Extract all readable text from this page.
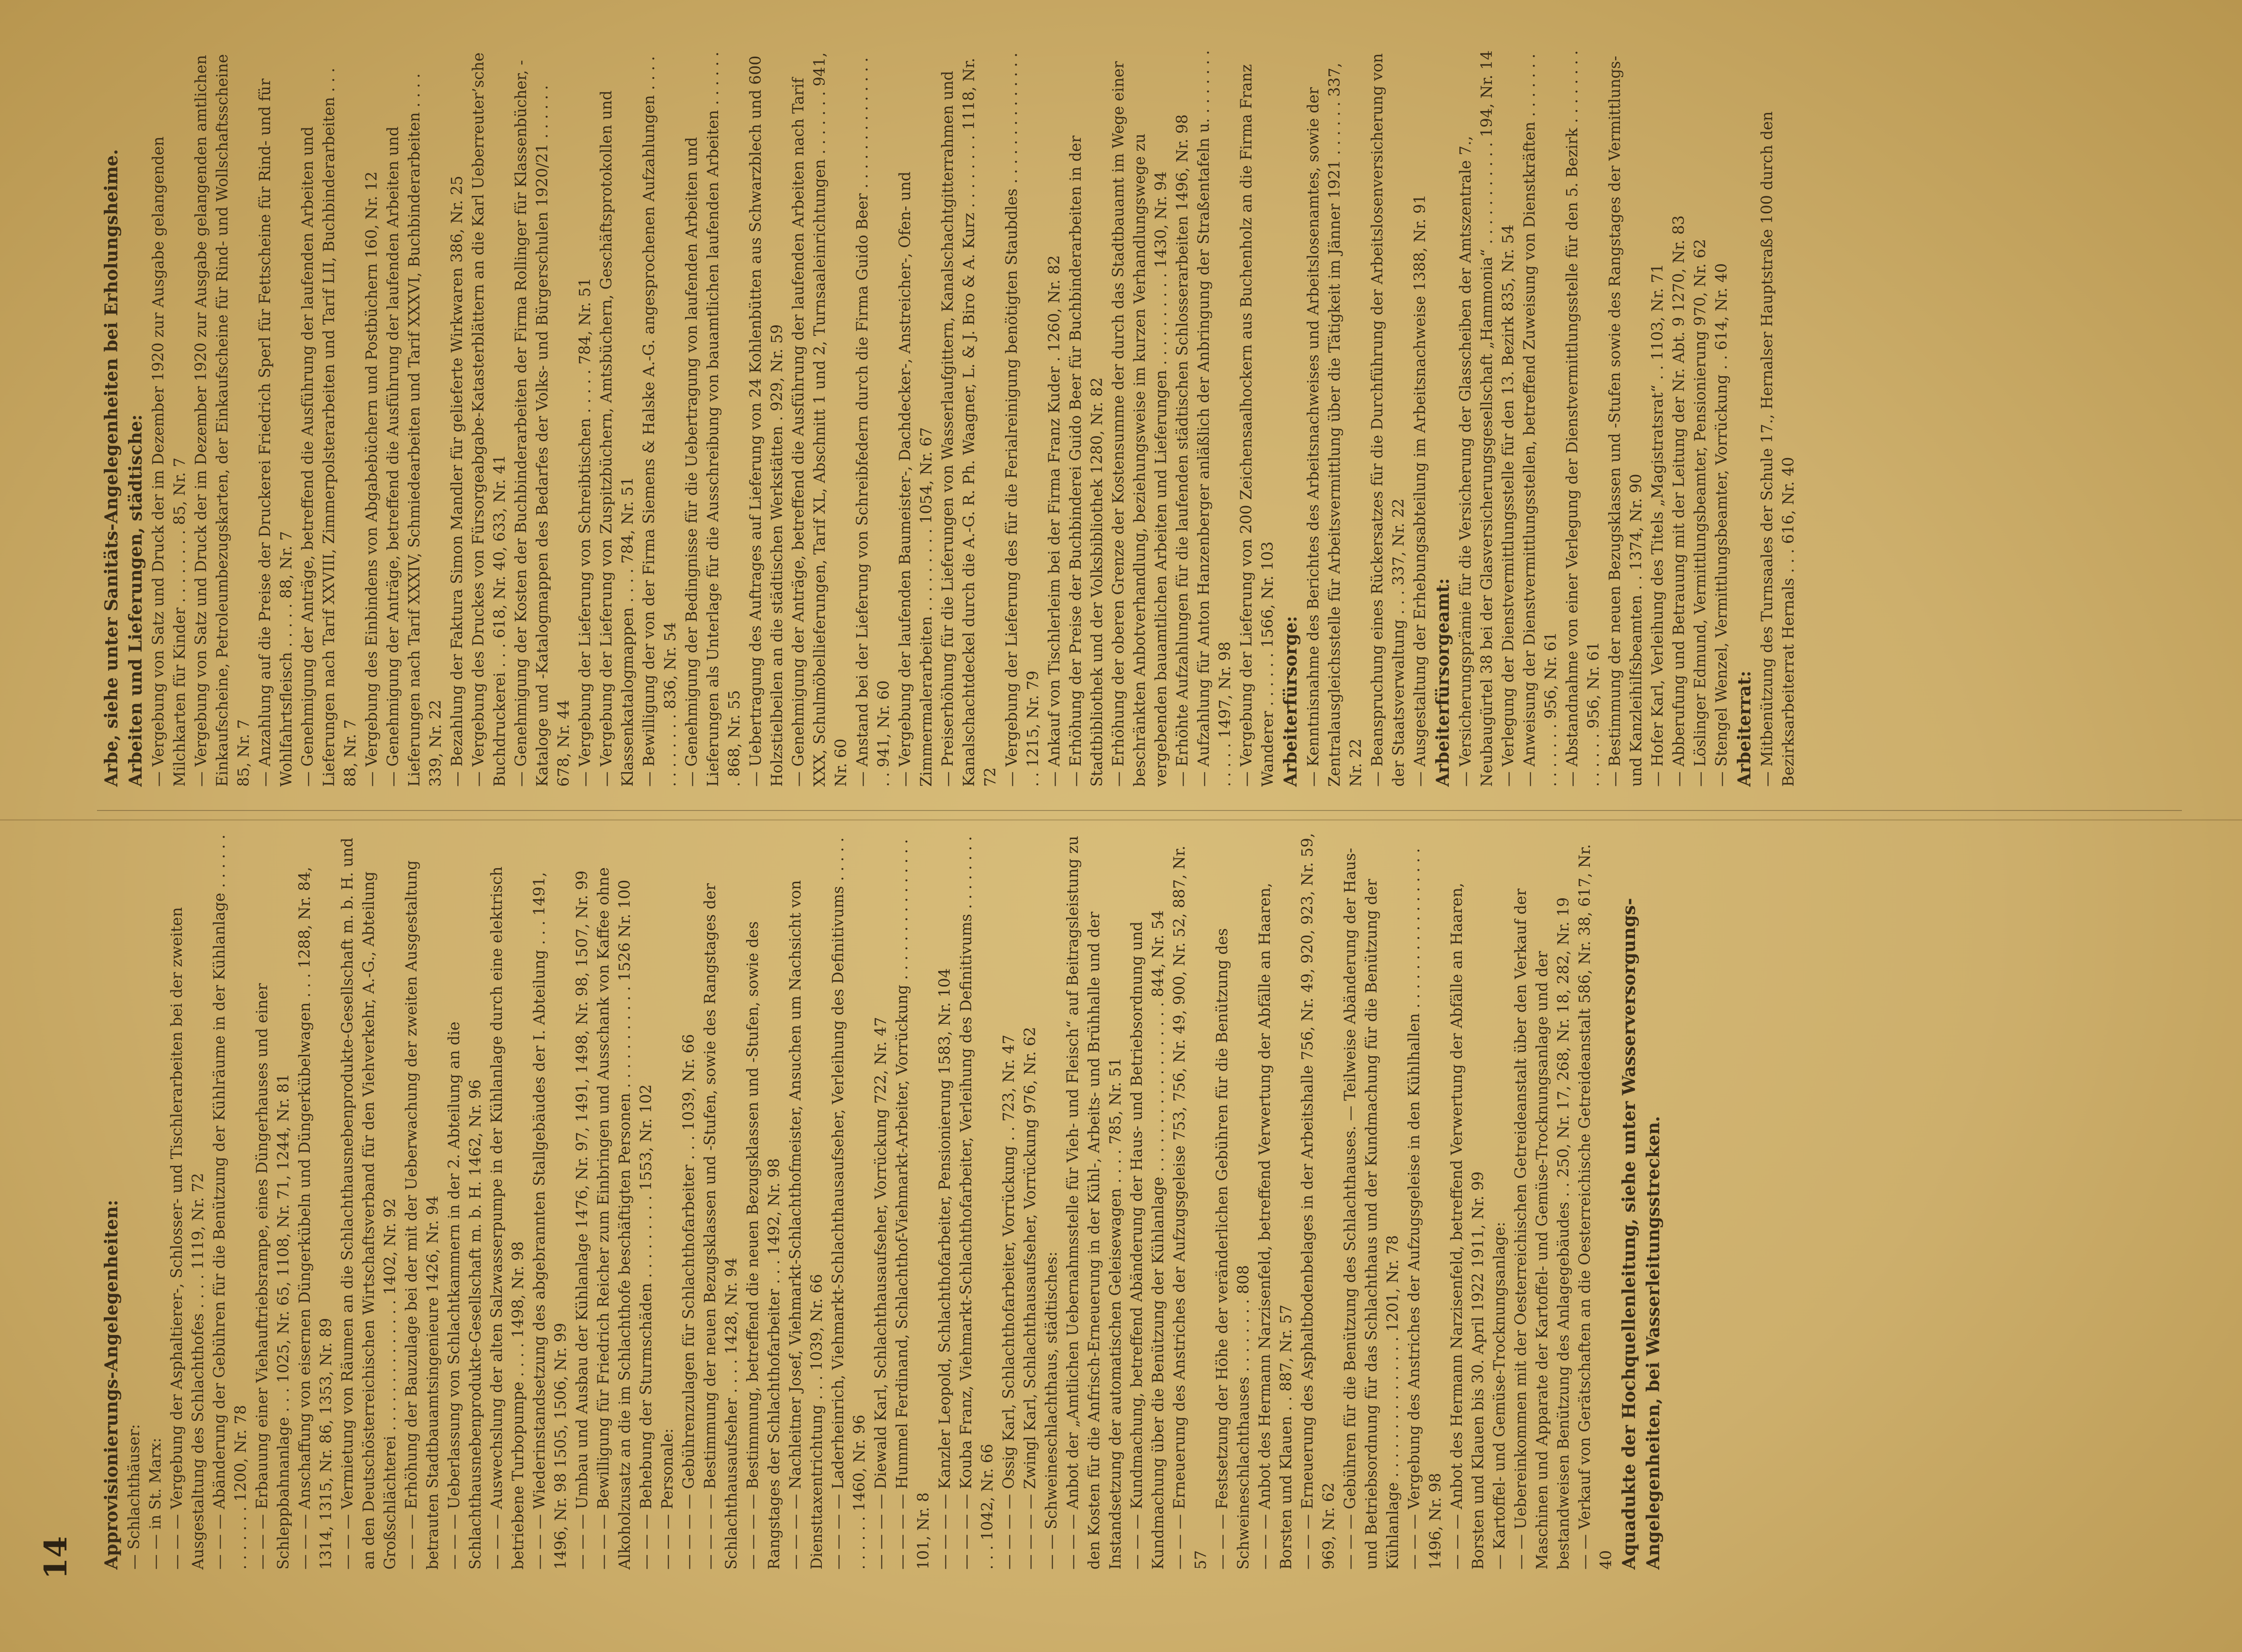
14 Approvisionierungs-Angelegenheiten: — Schlachthäuser: — — in St. Marx: — — — Vergebung der Asphaltierer-, Schlosser- und Tischlerarbeiten bei der zweiten Ausgestaltung des Schlachthofes . . . . 1119, Nr. 72 — — — Abänderung der Gebühren für die Benützung der Kühlräume in der Kühlanlage . . . . . . . . . . . . . 1200, Nr. 78 — — — Erbauung einer Viehauftriebsrampe, eines Düngerhauses und einer Schleppbahnanlage . . . 1025, Nr. 65, 1108, Nr. 71, 1244, Nr. 81 — — — Anschaffung von eisernen Düngerkübeln und Düngerkübelwagen . . . 1288, Nr. 84, 1314, 1315, Nr. 86, 1353, Nr. 89 — — — Vermietung von Räumen an die Schlachthausnebenprodukte-Gesellschaft m. b. H. und an den Deutschösterreichischen Wirtschaftsverband für den Viehverkehr, A.-G., Abteilung Großschlächterei . . . . . . . . . . . . . . 1402, Nr. 92 — — — Erhöhung der Bauzulage bei der mit der Ueberwachung der zweiten Ausgestaltung betrauten Stadtbauamtsingenieure 1426, Nr. 94 — — — Ueberlassung von Schlachtkammern in der 2. Abteilung an die Schlachthausnebenprodukte-Gesellschaft m. b. H. 1462, Nr. 96 — — — Auswechslung der alten Salzwasserpumpe in der Kühlanlage durch eine elektrisch betriebene Turbopumpe . . . . 1498, Nr. 98 — — — Wiederinstandsetzung des abgebrannten Stallgebäudes der I. Abteilung . . . 1491, 1496, Nr. 98 1505, 1506, Nr. 99 — — — Umbau und Ausbau der Kühlanlage 1476, Nr. 97, 1491, 1498, Nr. 98, 1507, Nr. 99 — — — Bewilligung für Friedrich Reicher zum Einbringen und Ausschank von Kaffee ohne Alkoholzusatz an die im Schlachthofe beschäftigten Personen . . . . . . . . . . . 1526 Nr. 100 — — — Behebung der Sturmschäden . . . . . . . . . 1553, Nr. 102 — — — Personale: — — — — Gebührenzulagen für Schlachthofarbeiter . . . 1039, Nr. 66 — — — — Bestimmung der neuen Bezugsklassen und -Stufen, sowie des Rangstages der Schlachthausaufseher . . . . 1428, Nr. 94 — — — — Bestimmung, betreffend die neuen Bezugsklassen und -Stufen, sowie des Rangstages der Schlachthofarbeiter . . . 1492, Nr. 98 — — — — Nachleitner Josef, Viehmarkt-Schlachthofmeister, Ansuchen um Nachsicht von Diensttaxentrichtung . . . 1039, Nr. 66 — — — — Laderheinrich, Viehmarkt-Schlachthausaufseher, Verleihung des Definitivums . . . . . . . . . . . 1460, Nr. 96 — — — — Diewald Karl, Schlachthausaufseher, Vorrückung 722, Nr. 47 — — — — Hummel Ferdinand, Schlachthof-Viehmarkt-Arbeiter, Vorrückung . . . . . . . . . . . . . . . 101, Nr. 8 — — — — Kanzler Leopold, Schlachthofarbeiter, Pensionierung 1583, Nr. 104 — — — — Kouba Franz, Viehmarkt-Schlachthofarbeiter, Verleihung des Definitivums . . . . . . . . . . . 1042, Nr. 66 — — — — Ossig Karl, Schlachthofarbeiter, Vorrückung . . 723, Nr. 47 — — — — Zwingl Karl, Schlachthausaufseher, Vorrückung 976, Nr. 62 — — Schweineschlachthaus, städtisches: — — — Anbot der „Amtlichen Uebernahmsstelle für Vieh- und Fleisch“ auf Beitragsleistung zu den Kosten für die Anfrisch-Erneuerung in der Kühl-, Arbeits- und Brühhalle und der Instandsetzung der automatischen Geleisewagen . . . . 785, Nr. 51 — — — Kundmachung, betreffend Abänderung der Haus- und Betriebsordnung und Kundmachung über die Benützung der Kühlanlage . . . . . . . . . . . . . . . . . . 844, Nr. 54 — — — Erneuerung des Anstriches der Aufzugsgeleise 753, 756, Nr. 49, 900, Nr. 52, 887, Nr. 57 — — — Festsetzung der Höhe der veränderlichen Gebühren für die Benützung des Schweineschlachthauses . . . . . . . . 808 — — — Anbot des Hermann Narzisenfeld, betreffend Verwertung der Abfälle an Haaren, Borsten und Klauen . . 887, Nr. 57 — — — Erneuerung des Asphaltbodenbelages in der Arbeitshalle 756, Nr. 49, 920, 923, Nr. 59, 969, Nr. 62 — — — Gebühren für die Benützung des Schlachthauses. — Teilweise Abänderung der Haus- und Betriebsordnung für das Schlachthaus und der Kundmachung für die Benützung der Kühlanlage . . . . . . . . . . . . . . . 1201, Nr. 78 — — — Vergebung des Anstriches der Aufzugsgeleise in den Kühlhallen . . . . . . . . . . . . . . . . . 1496, Nr. 98 — — — Anbot des Hermann Narzisenfeld, betreffend Verwertung der Abfälle an Haaren, Borsten und Klauen bis 30. April 1922 1911, Nr. 99 — Kartoffel- und Gemüse-Trocknungsanlage: — — Uebereinkommen mit der Oesterreichischen Getreideanstalt über den Verkauf der Maschinen und Apparate der Kartoffel- und Gemüse-Trocknungsanlage und der bestandweisen Benützung des Anlagegebäudes . . 250, Nr. 17, 268, Nr. 18, 282, Nr. 19 — — Verkauf von Gerätschaften an die Oesterreichische Getreideanstalt 586, Nr. 38, 617, Nr. 40 Aquadukte der Hochquellenleitung, siehe unter Wasserversorgungs-Angelegenheiten, bei Wasserleitungsstrecken.

Arbe, siehe unter Sanitäts-Angelegenheiten bei Erholungsheime. Arbeiten und Lieferungen, städtische: — Vergebung von Satz und Druck der im Dezember 1920 zur Ausgabe gelangenden Milchkarten für Kinder . . . . . . . . 85, Nr. 7 — Vergebung von Satz und Druck der im Dezember 1920 zur Ausgabe gelangenden amtlichen Einkaufscheine, Petroleumbezugskarten, der Einkaufscheine für Rind- und Wollschaftsscheine 85, Nr. 7 — Anzahlung auf die Preise der Druckerei Friedrich Sperl für Fettscheine für Rind- und für Wohlfahrtsfleisch . . . . . 88, Nr. 7 — Genehmigung der Anträge, betreffend die Ausführung der laufenden Arbeiten und Lieferungen nach Tarif XXVIII, Zimmerpolsterarbeiten und Tarif LII, Buchbinderarbeiten . . . 88, Nr. 7 — Vergebung des Einbindens von Abgabebüchern und Postbüchern 160, Nr. 12 — Genehmigung der Anträge, betreffend die Ausführung der laufenden Arbeiten und Lieferungen nach Tarif XXXIV, Schmiedearbeiten und Tarif XXXVI, Buchbinderarbeiten . . . . 339, Nr. 22 — Bezahlung der Faktura Simon Mandler für gelieferte Wirkwaren 386, Nr. 25 — Vergebung des Druckes von Fürsorgeabgabe-Katasterblättern an die Karl Ueberreuter’sche Buchdruckerei . . . 618, Nr. 40, 633, Nr. 41 — Genehmigung der Kosten der Buchbinderarbeiten der Firma Rollinger für Klassenbücher, -Kataloge und -Katalogmappen des Bedarfes der Volks- und Bürgerschulen 1920/21 . . . . . . 678, Nr. 44 — Vergebung der Lieferung von Schreibtischen . . . . . 784, Nr. 51 — Vergebung der Lieferung von Zuspitzbüchern, Amtsbüchern, Geschäftsprotokollen und Klassenkatalogmappen . . . . 784, Nr. 51 — Bewilligung der von der Firma Siemens & Halske A.-G. angesprochenen Aufzahlungen . . . . . . . . . . . . 836, Nr. 54 — Genehmigung der Bedingnisse für die Uebertragung von laufenden Arbeiten und Lieferungen als Unterlage für die Ausschreibung von bauamtlichen laufenden Arbeiten . . . . . . . 868, Nr. 55 — Uebertragung des Auftrages auf Lieferung von 24 Kohlenbütten aus Schwarzblech und 600 Holzstielbeilen an die städtischen Werkstätten . 929, Nr. 59 — Genehmigung der Anträge, betreffend die Ausführung der laufenden Arbeiten nach Tarif XXX, Schulmöbellieferungen, Tarif XL, Abschnitt 1 und 2, Turnsaaleinrichtungen . . . . . . . 941, Nr. 60 — Anstand bei der Lieferung von Schreibfedern durch die Firma Guido Beer . . . . . . . . . . . . . . . . 941, Nr. 60 — Vergebung der laufenden Baumeister-, Dachdecker-, Anstreicher-, Ofen- und Zimmermalerarbeiten . . . . . . . . . 1054, Nr. 67 — Preiserhöhung für die Lieferungen von Wasserlaufgittern, Kanalschachtgitterrahmen und Kanalschachtdeckel durch die A.-G. R. Ph. Waagner, L. & J. Biro & A. Kurz . . . . . . . . 1118, Nr. 72 — Vergebung der Lieferung des für die Ferialreinigung benötigten Staubdles . . . . . . . . . . . . . . . . 1215, Nr. 79 — Ankauf von Tischlerleim bei der Firma Franz Kuder . 1260, Nr. 82 — Erhöhung der Preise der Buchbinderei Guido Beer für Buchbinderarbeiten in der Stadtbibliothek und der Volksbibliothek 1280, Nr. 82 — Erhöhung der oberen Grenze der Kostensumme der durch das Stadtbauamt im Wege einer beschränkten Anbotverhandlung, beziehungsweise im kurzen Verhandlungswege zu vergebenden bauamtlichen Arbeiten und Lieferungen . . . . . . . . . . 1430, Nr. 94 — Erhöhte Aufzahlungen für die laufenden städtischen Schlosserarbeiten 1496, Nr. 98 — Aufzahlung für Anton Hanzenberger anläßlich der Anbringung der Straßentafeln u. . . . . . . . . . . . . 1497, Nr. 98 — Vergebung der Lieferung von 200 Zeichensaalhockern aus Buchenholz an die Firma Franz Wanderer . . . . . . 1566, Nr. 103 Arbeiterfürsorge: — Kenntnisnahme des Berichtes des Arbeitsnachweises und Arbeitslosenamtes, sowie der Zentralausgleichsstelle für Arbeitsvermittlung über die Tätigkeit im Jänner 1921 . . . . . . 337, Nr. 22 — Beanspruchung eines Rückersatzes für die Durchführung der Arbeitslosenversicherung von der Staatsverwaltung . . . 337, Nr. 22 — Ausgestaltung der Erhebungsabteilung im Arbeitsnachweise 1388, Nr. 91 Arbeiterfürsorgeamt: — Versicherungsprämie für die Versicherung der Glasscheiben der Amtszentrale 7., Neubaugürtel 38 bei der Glasversicherungsgesellschaft „Hammonia“ . . . . . . . . . . . 194, Nr. 14 — Verlegung der Dienstvermittlungsstelle für den 13. Bezirk 835, Nr. 54 — Anweisung der Dienstvermittlungsstellen, betreffend Zuweisung von Dienstkräften . . . . . . . . . . . . . . 956, Nr. 61 — Abstandnahme von einer Verlegung der Dienstvermittlungsstelle für den 5. Bezirk . . . . . . . . . . . . . . 956, Nr. 61 — Bestimmung der neuen Bezugsklassen und -Stufen sowie des Rangstages der Vermittlungs- und Kanzleihilfsbeamten . . 1374, Nr. 90 — Hofer Karl, Verleihung des Titels „Magistratsrat“ . . 1103, Nr. 71 — Abberufung und Betrauung mit der Leitung der Nr. Abt. 9 1270, Nr. 83 — Löslinger Edmund, Vermittlungsbeamter, Pensionierung 970, Nr. 62 — Stengel Wenzel, Vermittlungsbeamter, Vorrückung . . 614, Nr. 40 Arbeiterrat: — Mitbenützung des Turnsaales der Schule 17., Hernalser Hauptstraße 100 durch den Bezirksarbeiterrat Hernals . . . 616, Nr. 40
